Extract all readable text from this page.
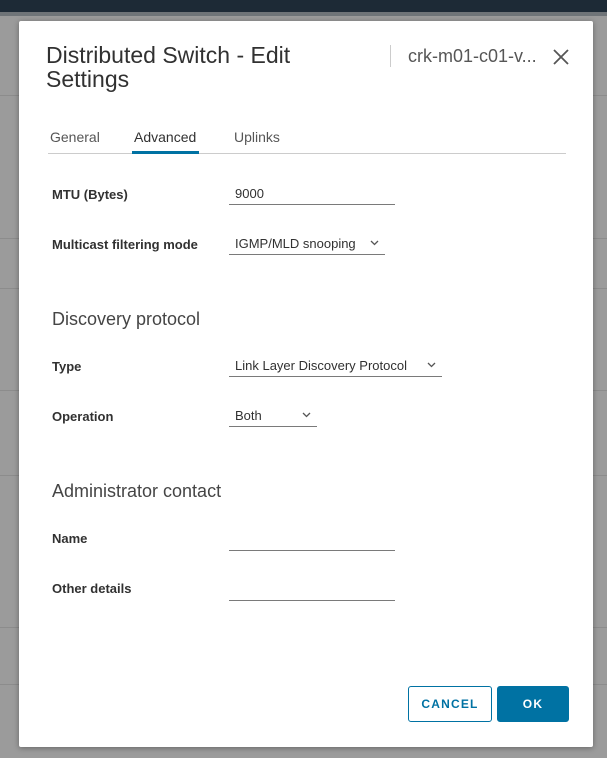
Distributed Switch - Edit Settings
crk-m01-c01-v...
General Advanced	Uplinks
MTU (Bytes)	9000
Multicast filtering mode	IGMP/MLD snooping
Discovery protocol
Type	Link Layer Discovery Protocol
Operation	Both
Administrator contact
Name
Other details
CANCEL	OK
